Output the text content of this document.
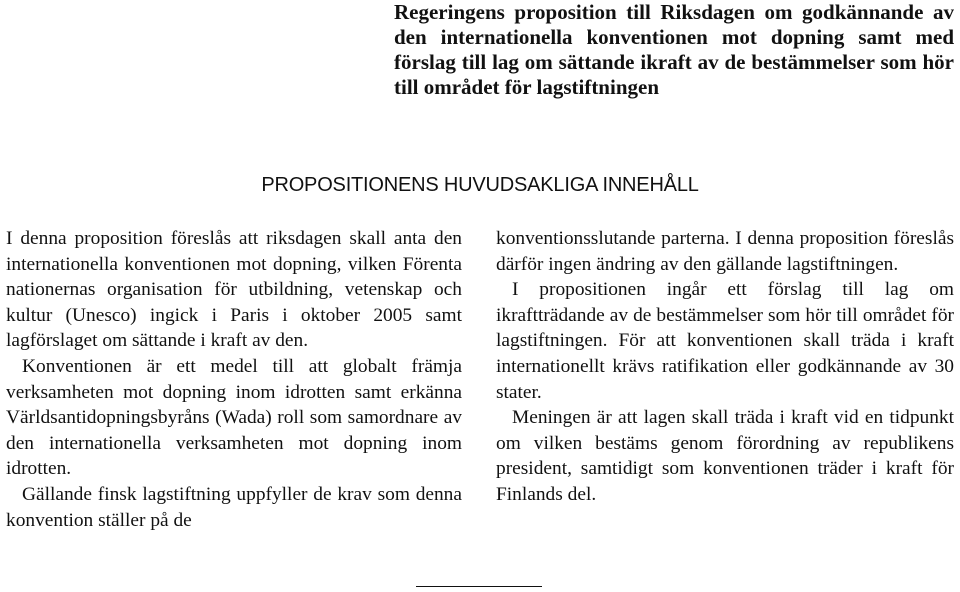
Regeringens proposition till Riksdagen om godkännande av den internationella konventionen mot dopning samt med förslag till lag om sättande ikraft av de bestämmelser som hör till området för lagstiftningen
PROPOSITIONENS HUVUDSAKLIGA INNEHÅLL

I denna proposition föreslås att riksdagen skall anta den internationella konventionen mot dopning, vilken Förenta nationernas organisation för utbildning, vetenskap och kultur (Unesco) ingick i Paris i oktober 2005 samt lagförslaget om sättande i kraft av den.

Konventionen är ett medel till att globalt främja verksamheten mot dopning inom idrotten samt erkänna Världsantidopningsbyråns (Wada) roll som samordnare av den internationella verksamheten mot dopning inom idrotten.

Gällande finsk lagstiftning uppfyller de krav som denna konvention ställer på de

konventionsslutande parterna. I denna proposition föreslås därför ingen ändring av den gällande lagstiftningen.

I propositionen ingår ett förslag till lag om ikraftträdande av de bestämmelser som hör till området för lagstiftningen. För att konventionen skall träda i kraft internationellt krävs ratifikation eller godkännande av 30 stater.

Meningen är att lagen skall träda i kraft vid en tidpunkt om vilken bestäms genom förordning av republikens president, samtidigt som konventionen träder i kraft för Finlands del.
